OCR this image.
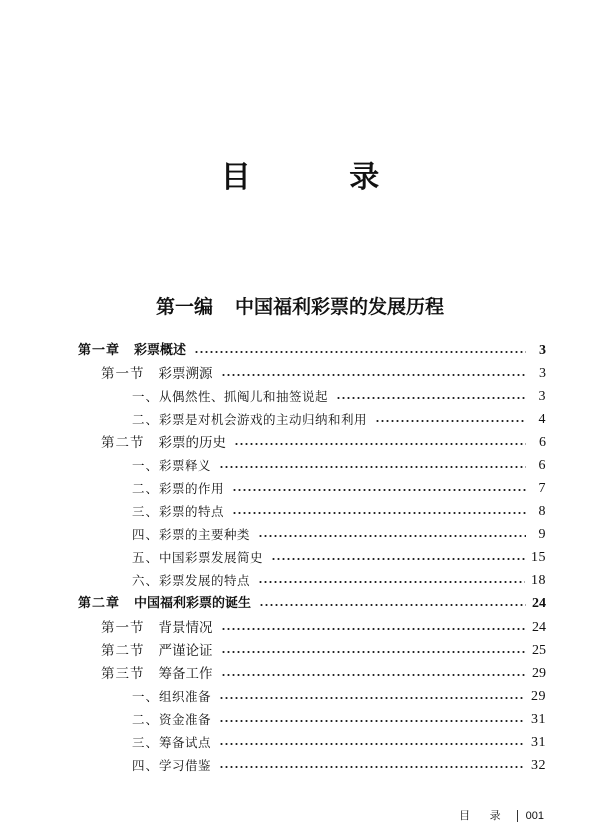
目 录
第一编 中国福利彩票的发展历程
第一章 彩票概述	3
第一节 彩票溯源	3
一、 从偶然性、抓阄儿和抽签说起	3
二、 彩票是对机会游戏的主动归纳和利用	4
第二节 彩票的历史	6
一、 彩票释义	6
二、 彩票的作用	7
三、 彩票的特点	8
四、 彩票的主要种类	9
五、 中国彩票发展简史	15
六、 彩票发展的特点	18
第二章 中国福利彩票的诞生	24
第一节 背景情况	24
第二节 严谨论证	25
第三节 筹备工作	29
一、 组织准备	29
二、 资金准备	31
三、 筹备试点	31
四、 学习借鉴	32
目 录 001
